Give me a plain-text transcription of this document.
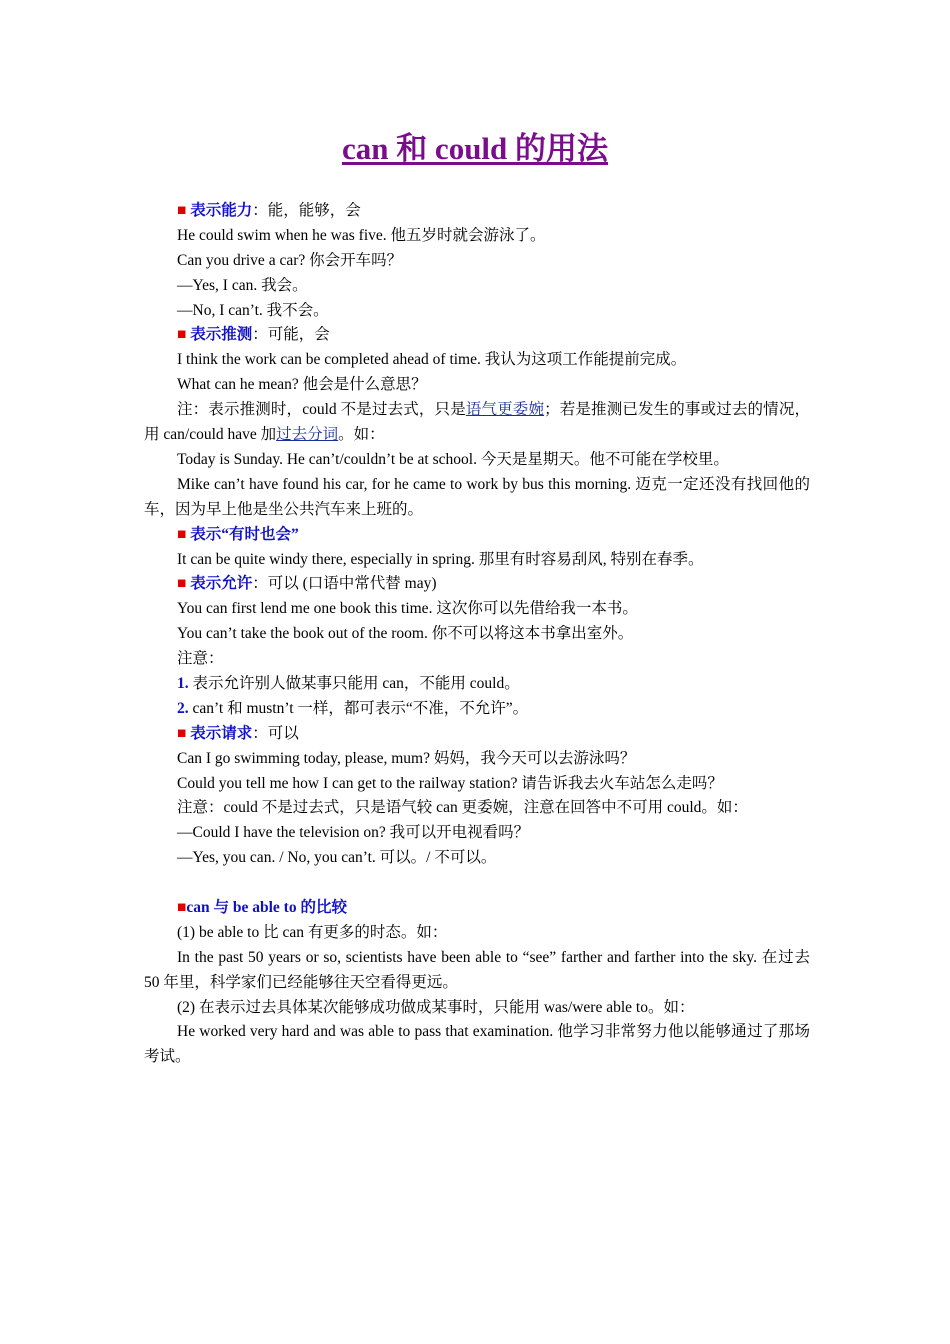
can 和 could 的用法

■ 表示能力：能，能够，会

He could swim when he was five. 他五岁时就会游泳了。

Can you drive a car? 你会开车吗？

—Yes, I can. 我会。

—No, I can’t. 我不会。

■ 表示推测：可能，会

I think the work can be completed ahead of time. 我认为这项工作能提前完成。

What can he mean? 他会是什么意思？

注：表示推测时，could 不是过去式，只是语气更委婉；若是推测已发生的事或过去的情况，用 can/could have 加过去分词。如：

Today is Sunday. He can’t/couldn’t be at school. 今天是星期天。他不可能在学校里。

Mike can’t have found his car, for he came to work by bus this morning. 迈克一定还没有找回他的车，因为早上他是坐公共汽车来上班的。

■ 表示“有时也会”

It can be quite windy there, especially in spring. 那里有时容易刮风, 特别在春季。

■ 表示允许：可以 (口语中常代替 may)

You can first lend me one book this time. 这次你可以先借给我一本书。

You can’t take the book out of the room. 你不可以将这本书拿出室外。

注意：

1. 表示允许别人做某事只能用 can，不能用 could。

2. can’t 和 mustn’t 一样，都可表示“不准，不允许”。

■ 表示请求：可以

Can I go swimming today, please, mum? 妈妈，我今天可以去游泳吗？

Could you tell me how I can get to the railway station? 请告诉我去火车站怎么走吗？

注意：could 不是过去式，只是语气较 can 更委婉，注意在回答中不可用 could。如：

—Could I have the television on? 我可以开电视看吗？

—Yes, you can. / No, you can’t. 可以。/ 不可以。

■can 与 be able to 的比较

(1) be able to 比 can 有更多的时态。如：

In the past 50 years or so, scientists have been able to “see” farther and farther into the sky. 在过去 50 年里，科学家们已经能够往天空看得更远。

(2) 在表示过去具体某次能够成功做成某事时，只能用 was/were able to。如：

He worked very hard and was able to pass that examination. 他学习非常努力他以能够通过了那场考试。
